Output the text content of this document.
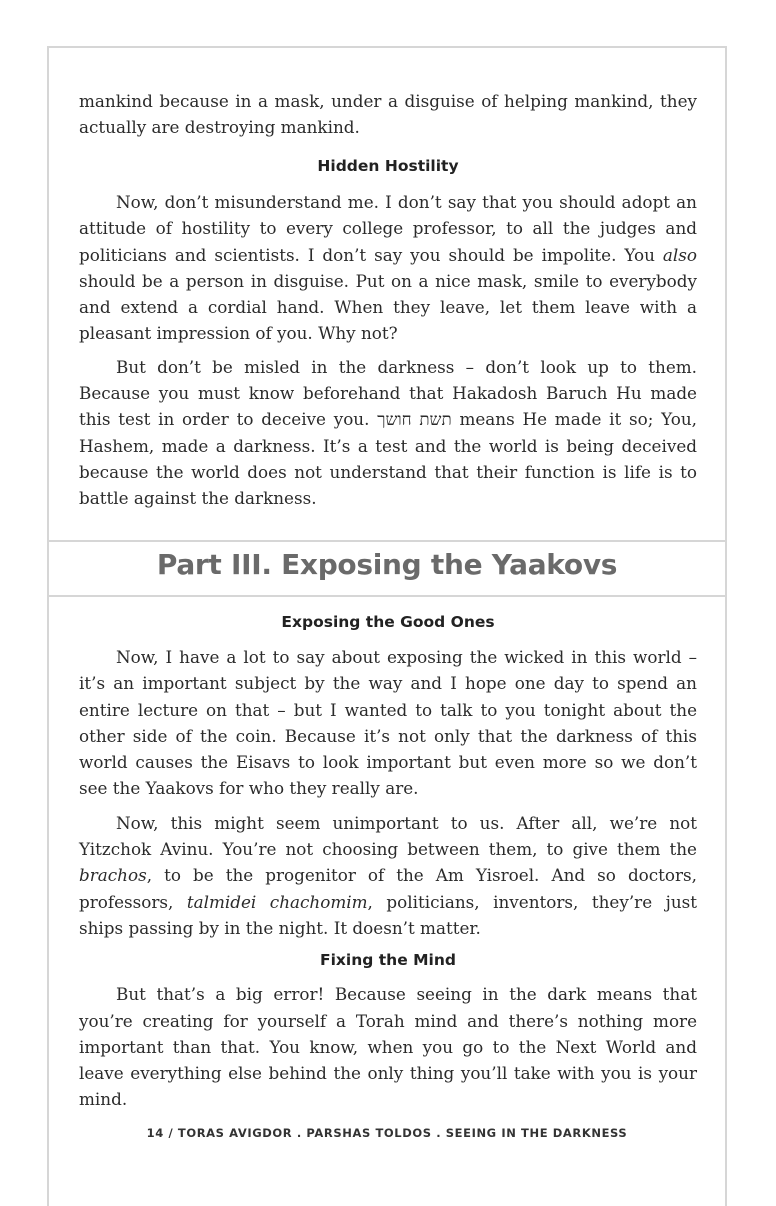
mankind because in a mask, under a disguise of helping mankind, they actually are destroying mankind.

Hidden Hostility

Now, don’t misunderstand me. I don’t say that you should adopt an attitude of hostility to every college professor, to all the judges and politicians and scientists. I don’t say you should be impolite. You also should be a person in disguise. Put on a nice mask, smile to everybody and extend a cordial hand. When they leave, let them leave with a pleasant impression of you. Why not?

But don’t be misled in the darkness – don’t look up to them. Because you must know beforehand that Hakadosh Baruch Hu made this test in order to deceive you. תשת חושך means He made it so; You, Hashem, made a darkness. It’s a test and the world is being deceived because the world does not understand that their function is life is to battle against the darkness.

Part III. Exposing the Yaakovs
Exposing the Good Ones

Now, I have a lot to say about exposing the wicked in this world – it’s an important subject by the way and I hope one day to spend an entire lecture on that – but I wanted to talk to you tonight about the other side of the coin. Because it’s not only that the darkness of this world causes the Eisavs to look important but even more so we don’t see the Yaakovs for who they really are.

Now, this might seem unimportant to us. After all, we’re not Yitzchok Avinu. You’re not choosing between them, to give them the brachos, to be the progenitor of the Am Yisroel. And so doctors, professors, talmidei chachomim, politicians, inventors, they’re just ships passing by in the night. It doesn’t matter.

Fixing the Mind

But that’s a big error! Because seeing in the dark means that you’re creating for yourself a Torah mind and there’s nothing more important than that. You know, when you go to the Next World and leave everything else behind the only thing you’ll take with you is your mind.

14 / TORAS AVIGDOR . PARSHAS TOLDOS . SEEING IN THE DARKNESS
